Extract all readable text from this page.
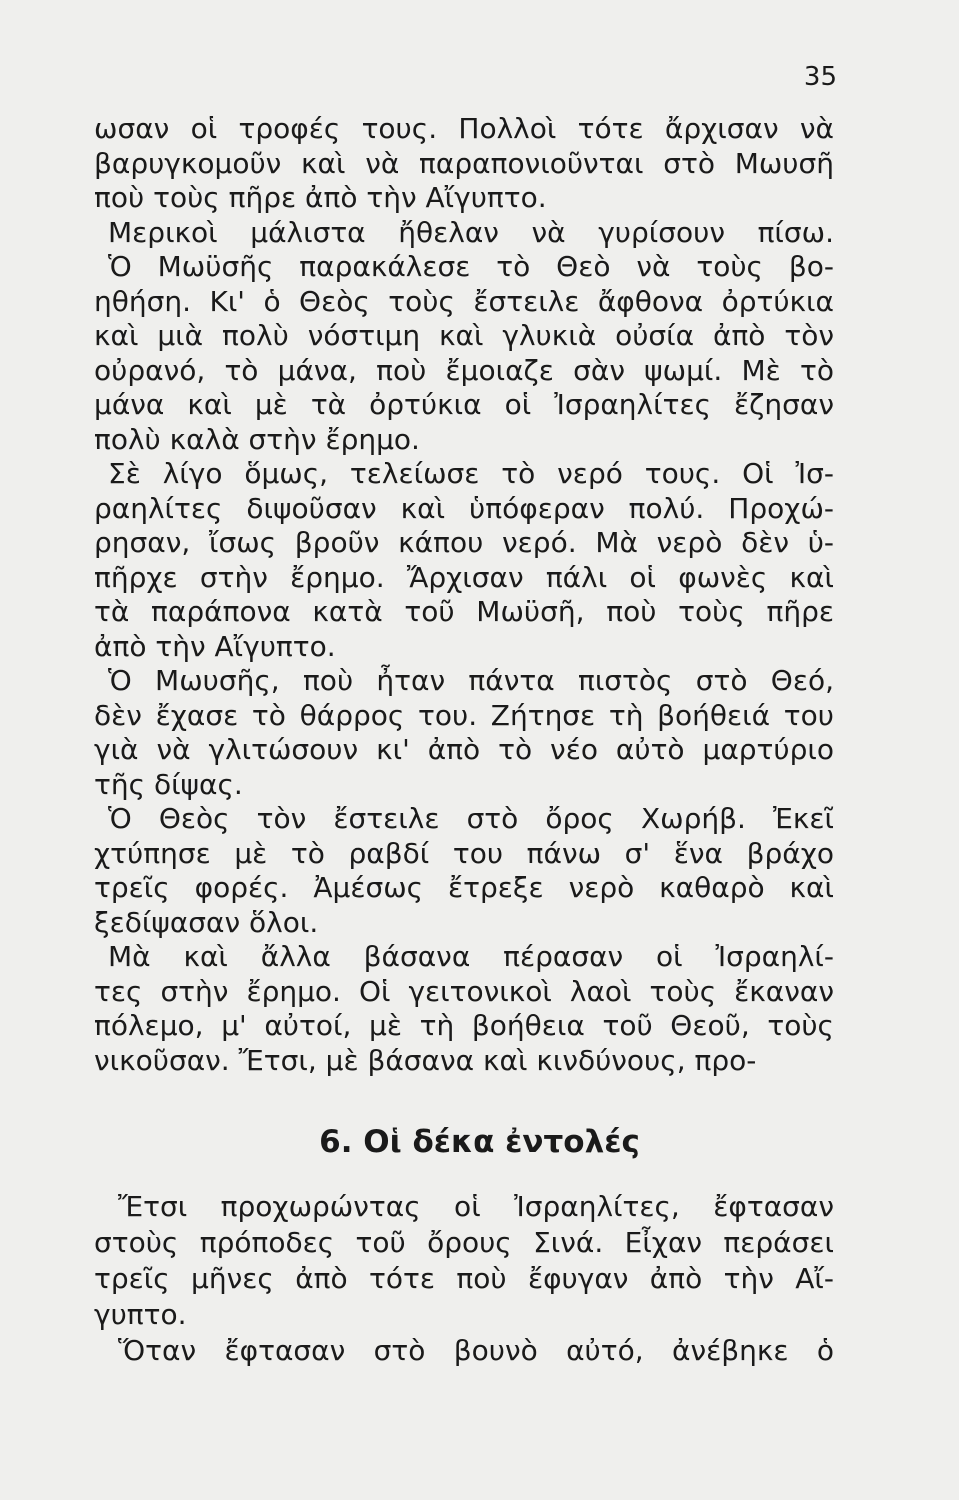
35
ωσαν οἱ τροφές τους. Πολλοὶ τότε ἄρχισαν νὰ
βαρυγκομοῦν καὶ νὰ παραπονιοῦνται στὸ Μωυσῆ
ποὺ τοὺς πῆρε ἀπὸ τὴν Αἴγυπτο.
Μερικοὶ μάλιστα ἤθελαν νὰ γυρίσουν πίσω.
Ὁ Μωϋσῆς παρακάλεσε τὸ Θεὸ νὰ τοὺς βο-
ηθήση. Κι' ὁ Θεὸς τοὺς ἔστειλε ἄφθονα ὀρτύκια
καὶ μιὰ πολὺ νόστιμη καὶ γλυκιὰ οὐσία ἀπὸ τὸν
οὐρανό, τὸ μάνα, ποὺ ἔμοιαζε σὰν ψωμί. Μὲ τὸ
μάνα καὶ μὲ τὰ ὀρτύκια οἱ Ἰσραηλίτες ἔζησαν
πολὺ καλὰ στὴν ἔρημο.
Σὲ λίγο ὅμως, τελείωσε τὸ νερό τους. Οἱ Ἰσ-
ραηλίτες διψοῦσαν καὶ ὑπόφεραν πολύ. Προχώ-
ρησαν, ἴσως βροῦν κάπου νερό. Μὰ νερὸ δὲν ὑ-
πῆρχε στὴν ἔρημο. Ἄρχισαν πάλι οἱ φωνὲς καὶ
τὰ παράπονα κατὰ τοῦ Μωϋσῆ, ποὺ τοὺς πῆρε
ἀπὸ τὴν Αἴγυπτο.
Ὁ Μωυσῆς, ποὺ ἦταν πάντα πιστὸς στὸ Θεό,
δὲν ἔχασε τὸ θάρρος του. Ζήτησε τὴ βοήθειά του
γιὰ νὰ γλιτώσουν κι' ἀπὸ τὸ νέο αὐτὸ μαρτύριο
τῆς δίψας.
Ὁ Θεὸς τὸν ἔστειλε στὸ ὄρος Χωρήβ. Ἐκεῖ
χτύπησε μὲ τὸ ραβδί του πάνω σ' ἕνα βράχο
τρεῖς φορές. Ἀμέσως ἔτρεξε νερὸ καθαρὸ καὶ
ξεδίψασαν ὅλοι.
Μὰ καὶ ἄλλα βάσανα πέρασαν οἱ Ἰσραηλί-
τες στὴν ἔρημο. Οἱ γειτονικοὶ λαοὶ τοὺς ἔκαναν
πόλεμο, μ' αὐτοί, μὲ τὴ βοήθεια τοῦ Θεοῦ, τοὺς
νικοῦσαν. Ἔτσι, μὲ βάσανα καὶ κινδύνους, προ-
6. Οἱ δέκα ἐντολές
Ἔτσι προχωρώντας οἱ Ἰσραηλίτες, ἔφτασαν
στοὺς πρόποδες τοῦ ὄρους Σινά. Εἶχαν περάσει
τρεῖς μῆνες ἀπὸ τότε ποὺ ἔφυγαν ἀπὸ τὴν Αἴ-
γυπτο.
Ὅταν ἔφτασαν στὸ βουνὸ αὐτό, ἀνέβηκε ὁ
